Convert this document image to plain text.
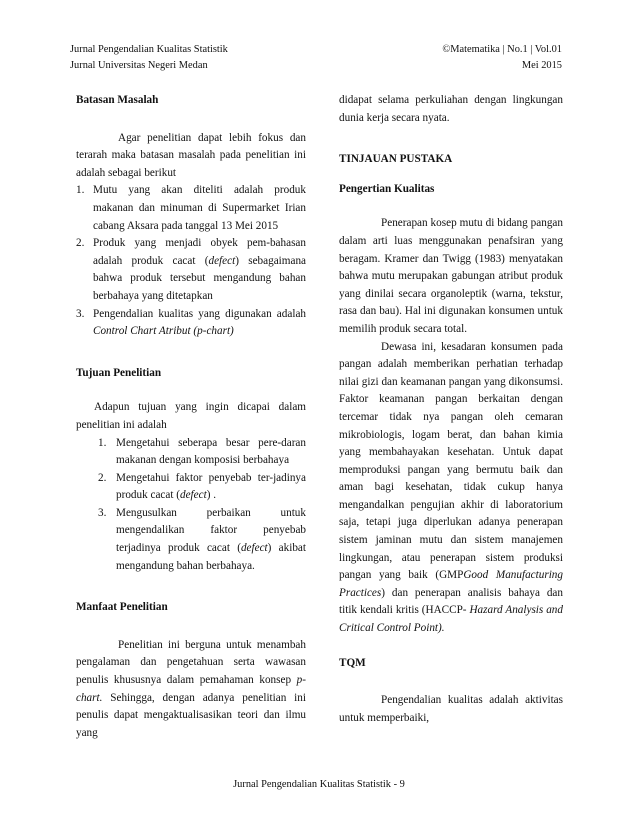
Jurnal Pengendalian Kualitas Statistik
Jurnal Universitas Negeri Medan
©Matematika | No.1 | Vol.01
Mei 2015

Batasan Masalah

Agar penelitian dapat lebih fokus dan terarah maka batasan masalah pada penelitian ini adalah sebagai berikut

1. Mutu yang akan diteliti adalah produk makanan dan minuman di Supermarket Irian cabang Aksara pada tanggal 13 Mei 2015
2. Produk yang menjadi obyek pem-bahasan adalah produk cacat (defect) sebagaimana bahwa produk tersebut mengandung bahan berbahaya yang ditetapkan
3. Pengendalian kualitas yang digunakan adalah Control Chart Atribut (p-chart)

Tujuan Penelitian

Adapun tujuan yang ingin dicapai dalam penelitian ini adalah

1. Mengetahui seberapa besar pere-daran makanan dengan komposisi berbahaya
2. Mengetahui faktor penyebab ter-jadinya produk cacat (defect) .
3. Mengusulkan perbaikan untuk mengendalikan faktor penyebab terjadinya produk cacat (defect) akibat mengandung bahan berbahaya.

Manfaat Penelitian

Penelitian ini berguna untuk menambah pengalaman dan pengetahuan serta wawasan penulis khususnya dalam pemahaman konsep p-chart. Sehingga, dengan adanya penelitian ini penulis dapat mengaktualisasikan teori dan ilmu yang

didapat selama perkuliahan dengan lingkungan dunia kerja secara nyata.

TINJAUAN PUSTAKA

Pengertian Kualitas

Penerapan kosep mutu di bidang pangan dalam arti luas menggunakan penafsiran yang beragam. Kramer dan Twigg (1983) menyatakan bahwa mutu merupakan gabungan atribut produk yang dinilai secara organoleptik (warna, tekstur, rasa dan bau). Hal ini digunakan konsumen untuk memilih produk secara total.

Dewasa ini, kesadaran konsumen pada pangan adalah memberikan perhatian terhadap nilai gizi dan keamanan pangan yang dikonsumsi. Faktor keamanan pangan berkaitan dengan tercemar tidak nya pangan oleh cemaran mikrobiologis, logam berat, dan bahan kimia yang membahayakan kesehatan. Untuk dapat memproduksi pangan yang bermutu baik dan aman bagi kesehatan, tidak cukup hanya mengandalkan pengujian akhir di laboratorium saja, tetapi juga diperlukan adanya penerapan sistem jaminan mutu dan sistem manajemen lingkungan, atau penerapan sistem produksi pangan yang baik (GMPGood Manufacturing Practices) dan penerapan analisis bahaya dan titik kendali kritis (HACCP- Hazard Analysis and Critical Control Point).

TQM

Pengendalian kualitas adalah aktivitas untuk memperbaiki,

Jurnal Pengendalian Kualitas Statistik - 9
